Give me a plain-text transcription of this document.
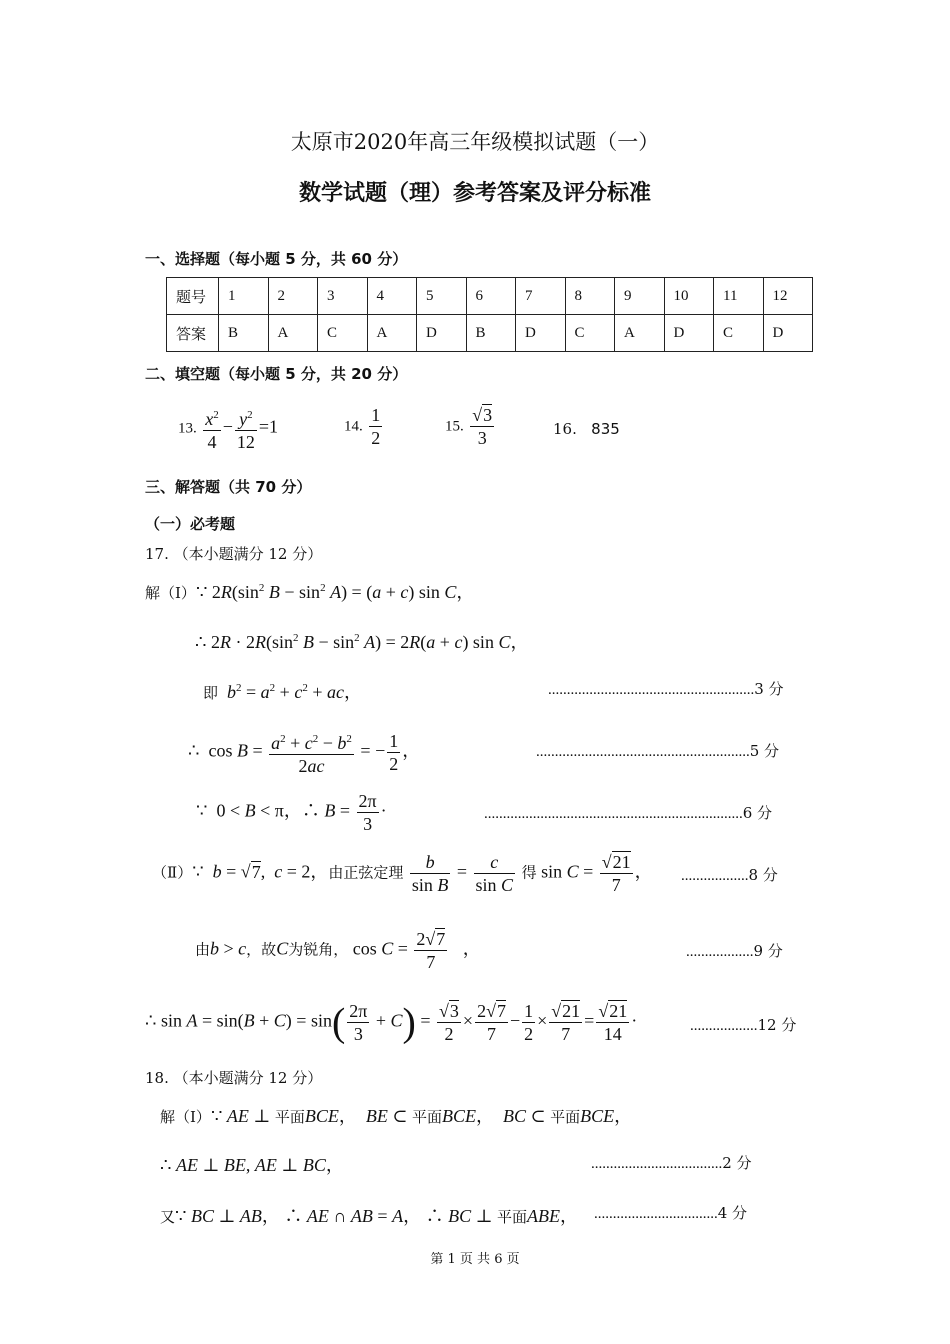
太原市2020年高三年级模拟试题（一）
数学试题（理）参考答案及评分标准
一、选择题（每小题 5 分，共 60 分）
题号	1	2	3	4	5	6	7	8	9	10	11	12
答案	B	A	C	A	D	B	D	C	A	D	C	D
二、填空题（每小题 5 分，共 20 分）
13. $\frac{x^2}{4} - \frac{y^2}{12} =1$	14. $\frac{1}{2}$	15. $\frac{√3}{3}$	16. 835
三、解答题（共 70 分）
（一）必考题
17. （本小题满分 12 分）
解（Ⅰ）∵ $2R(\sin^2$ $B - \sin^2 A) = (a + c)$ sin C，
∴ $2R \cdot 2R(\sin^2$ $B - \sin^2 A) = 2R(a + c)$ sin C，
即 $b^2 = a^2 + c^2$ + ac，	.......................................................3 分
∴  $\cos B = \frac{a^2 + c^2 - b^2}{2ac}$ = − $\frac{1}{2}$ ，	.........................................................5 分
∵  0 < B < π，∴ $B = \frac{2\pi}{3}$ ·	.....................................................................6 分
（Ⅱ）∵  b = √7,  c = 2，由正弦定理 $\frac{b}{\text{sin B}} = \frac{c}{\text{sin C}}$ 得 $\sin C = \frac{√21}{7}$ ， ..................8 分
由b > c，故C为锐角， $\cos C = \frac{2√7}{7}$ ，	..................9 分
∴ $\sin A = \sin(B + C) = \sin( \frac{2\pi}{3} + C) = \frac{√3}{2} \times \frac{2√7}{7} - \frac{1}{2} \times \frac{√21}{7} = \frac{√21}{14}$ ·	..................12 分
18. （本小题满分 12 分）
解（Ⅰ）∵ AE ⊥ 平面BCE，  BE ⊂ 平面BCE，  BC ⊂ 平面BCE，
∴ AE ⊥ BE, AE ⊥ BC，	...................................2 分
又∵ BC ⊥ AB， ∴ AE ∩ AB = A， ∴ BC ⊥ 平面ABE， .................................4 分
第 1 页 共 6 页
